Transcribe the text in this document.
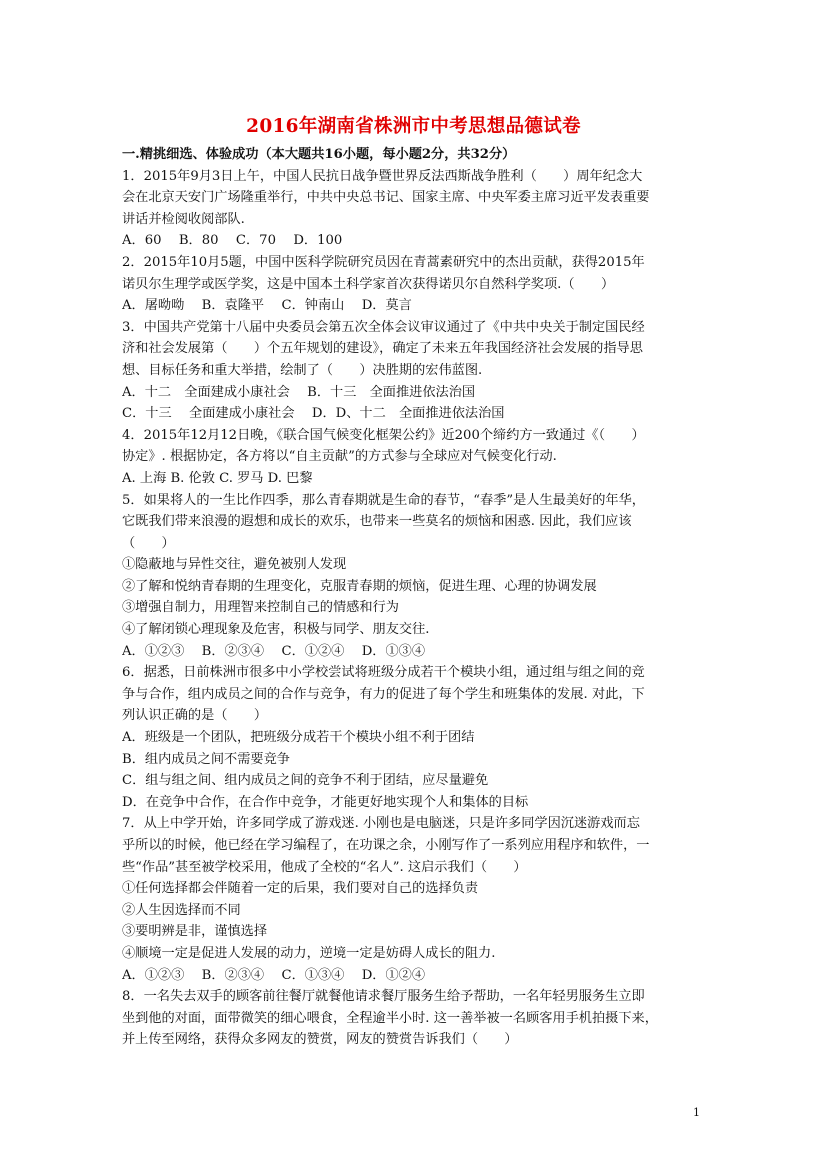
2016年湖南省株洲市中考思想品德试卷
一.精挑细选、体验成功（本大题共16小题，每小题2分，共32分）
1．2015年9月3日上午，中国人民抗日战争暨世界反法西斯战争胜利（　　）周年纪念大
会在北京天安门广场隆重举行，中共中央总书记、国家主席、中央军委主席习近平发表重要
讲话并检阅收阅部队.
A．60　 B．80　 C．70　 D．100
2．2015年10月5题，中国中医科学院研究员因在青蒿素研究中的杰出贡献，获得2015年
诺贝尔生理学或医学奖，这是中国本土科学家首次获得诺贝尔自然科学奖项.（　　）
A．屠呦呦　 B．袁隆平　 C．钟南山　 D．莫言
3．中国共产党第十八届中央委员会第五次全体会议审议通过了《中共中央关于制定国民经
济和社会发展第（　　）个五年规划的建设》，确定了未来五年我国经济社会发展的指导思
想、目标任务和重大举措，绘制了（　　）决胜期的宏伟蓝图.
A．十二　全面建成小康社会　 B．十三　全面推进依法治国
C．十三　 全面建成小康社会　 D．D、十二　全面推进依法治国
4．2015年12月12日晚，《联合国气候变化框架公约》近200个缔约方一致通过《（　　）
协定》. 根据协定，各方将以“自主贡献”的方式参与全球应对气候变化行动.
A. 上海 B. 伦敦 C. 罗马 D. 巴黎
5．如果将人的一生比作四季，那么青春期就是生命的春节，“春季”是人生最美好的年华，
它既我们带来浪漫的遐想和成长的欢乐，也带来一些莫名的烦恼和困惑. 因此，我们应该
（　　）
①隐蔽地与异性交往，避免被别人发现
②了解和悦纳青春期的生理变化，克服青春期的烦恼，促进生理、心理的协调发展
③增强自制力，用理智来控制自己的情感和行为
④了解闭锁心理现象及危害，积极与同学、朋友交往.
A．①②③　 B．②③④　 C．①②④　 D．①③④
6．据悉，日前株洲市很多中小学校尝试将班级分成若干个模块小组，通过组与组之间的竞
争与合作，组内成员之间的合作与竞争，有力的促进了每个学生和班集体的发展. 对此，下
列认识正确的是（　　）
A．班级是一个团队，把班级分成若干个模块小组不利于团结
B．组内成员之间不需要竞争
C．组与组之间、组内成员之间的竞争不利于团结，应尽量避免
D．在竞争中合作，在合作中竞争，才能更好地实现个人和集体的目标
7．从上中学开始，许多同学成了游戏迷. 小刚也是电脑迷，只是许多同学因沉迷游戏而忘
乎所以的时候，他已经在学习编程了，在功课之余，小刚写作了一系列应用程序和软件，一
些“作品”甚至被学校采用，他成了全校的“名人”. 这启示我们（　　）
①任何选择都会伴随着一定的后果，我们要对自己的选择负责
②人生因选择而不同
③要明辨是非，谨慎选择
④顺境一定是促进人发展的动力，逆境一定是妨碍人成长的阻力.
A．①②③　 B．②③④　 C．①③④　 D．①②④
8．一名失去双手的顾客前往餐厅就餐他请求餐厅服务生给予帮助，一名年轻男服务生立即
坐到他的对面，面带微笑的细心喂食，全程逾半小时. 这一善举被一名顾客用手机拍摄下来，
并上传至网络，获得众多网友的赞赏，网友的赞赏告诉我们（　　）
1
